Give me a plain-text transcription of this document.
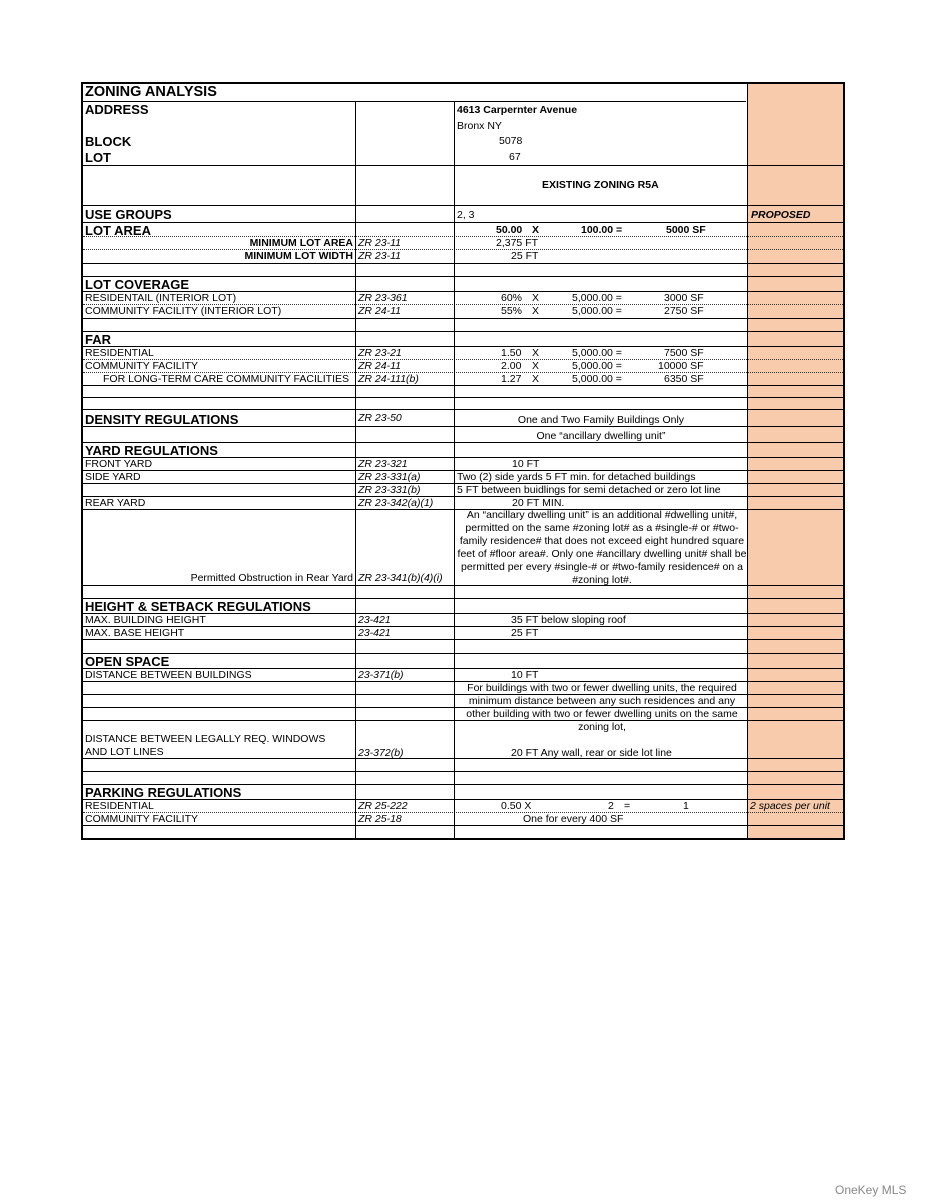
ZONING ANALYSIS
ADDRESS	4613 Carpernter Avenue
Bronx NY
BLOCK	5078
LOT	67
EXISTING ZONING R5A
USE GROUPS	2, 3	PROPOSED
LOT AREA	50.00 X	100.00 =	5000 SF
MINIMUM LOT AREA ZR 23-11	2,375 FT
MINIMUM LOT WIDTH ZR 23-11	25 FT
LOT COVERAGE
RESIDENTAIL (INTERIOR LOT)	ZR 23-361	60% X	5,000.00 =	3000 SF
COMMUNITY FACILITY (INTERIOR LOT)	ZR 24-11	55% X	5,000.00 =	2750 SF
FAR
RESIDENTIAL	ZR 23-21	1.50 X	5,000.00 =	7500 SF
COMMUNITY FACILITY	ZR 24-11	2.00 X	5,000.00 =	10000 SF
FOR LONG-TERM CARE COMMUNITY FACILITIES ZR 24-111(b)	1.27 X	5,000.00 =	6350 SF
DENSITY REGULATIONS	ZR 23-50	One and Two Family Buildings Only
One “ancillary dwelling unit”
YARD REGULATIONS
FRONT YARD	ZR 23-321	10 FT
SIDE YARD	ZR 23-331(a)	Two (2) side yards 5 FT min. for detached buildings
ZR 23-331(b)	5 FT between buidlings for semi detached or zero lot line
REAR YARD	ZR 23-342(a)(1)	20 FT MIN.
An “ancillary dwelling unit” is an additional #dwelling unit#, permitted on the same #zoning lot# as a #single-# or #two-family residence# that does not exceed eight hundred square feet of #floor area#. Only one #ancillary dwelling unit# shall be permitted per every #single-# or #two-family residence# on a #zoning lot#.
Permitted Obstruction in Rear Yard ZR 23-341(b)(4)(i)
HEIGHT & SETBACK REGULATIONS
MAX. BUILDING HEIGHT	23-421	35 FT below sloping roof
MAX. BASE HEIGHT	23-421	25 FT
OPEN SPACE
DISTANCE BETWEEN BUILDINGS	23-371(b)	10 FT
For buildings with two or fewer dwelling units, the required minimum distance between any such residences and any other building with two or fewer dwelling units on the same zoning lot,
DISTANCE BETWEEN LEGALLY REQ. WINDOWS
AND LOT LINES	23-372(b)	20 FT Any wall, rear or side lot line
PARKING REGULATIONS
RESIDENTIAL	ZR 25-222	0.50 X	2 =	1	2 spaces per unit
COMMUNITY FACILITY	ZR 25-18	One for every 400 SF
OneKey MLS
